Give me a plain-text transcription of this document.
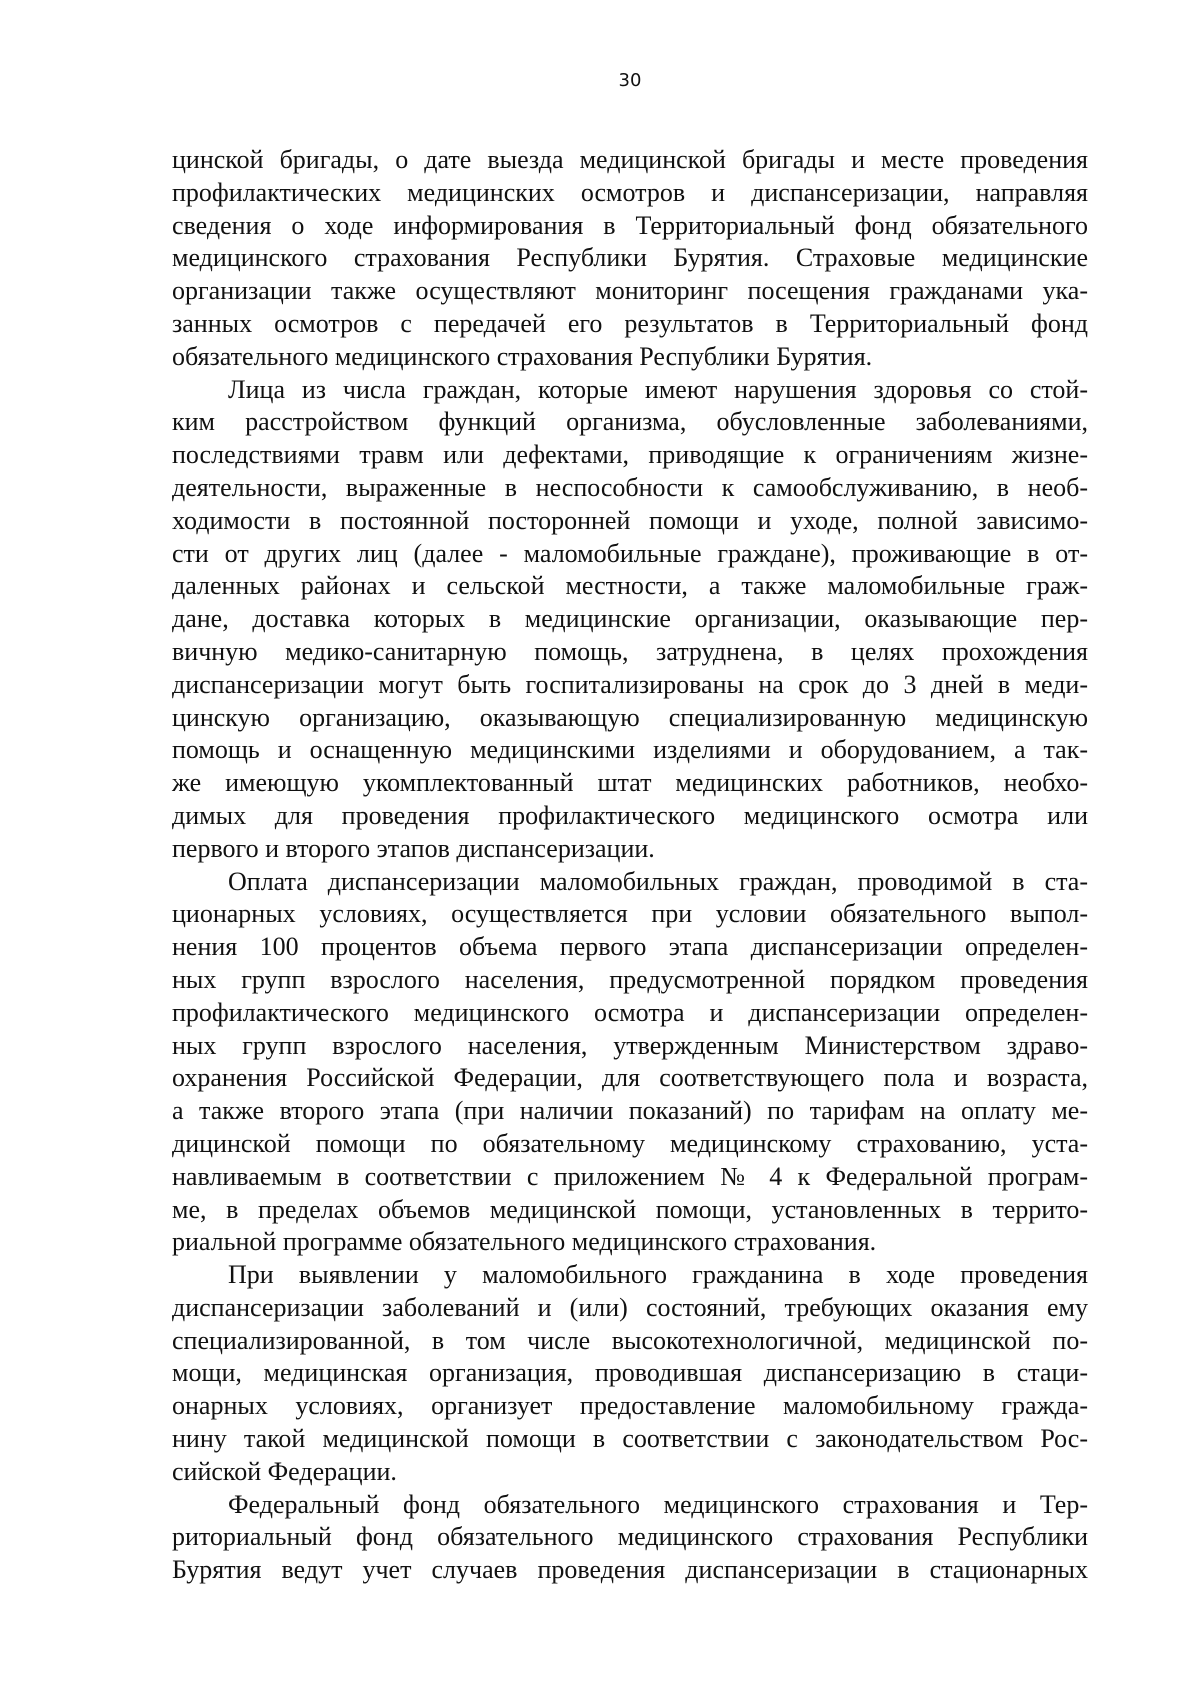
30
цинской бригады, о дате выезда медицинской бригады и месте проведения
профилактических медицинских осмотров и диспансеризации, направляя
сведения о ходе информирования в Территориальный фонд обязательного
медицинского страхования Республики Бурятия. Страховые медицинские
организации также осуществляют мониторинг посещения гражданами ука-
занных осмотров с передачей его результатов в Территориальный фонд
обязательного медицинского страхования Республики Бурятия.
Лица из числа граждан, которые имеют нарушения здоровья со стой-
ким расстройством функций организма, обусловленные заболеваниями,
последствиями травм или дефектами, приводящие к ограничениям жизне-
деятельности, выраженные в неспособности к самообслуживанию, в необ-
ходимости в постоянной посторонней помощи и уходе, полной зависимо-
сти от других лиц (далее - маломобильные граждане), проживающие в от-
даленных районах и сельской местности, а также маломобильные граж-
дане, доставка которых в медицинские организации, оказывающие пер-
вичную медико-санитарную помощь, затруднена, в целях прохождения
диспансеризации могут быть госпитализированы на срок до 3 дней в меди-
цинскую организацию, оказывающую специализированную медицинскую
помощь и оснащенную медицинскими изделиями и оборудованием, а так-
же имеющую укомплектованный штат медицинских работников, необхо-
димых для проведения профилактического медицинского осмотра или
первого и второго этапов диспансеризации.
Оплата диспансеризации маломобильных граждан, проводимой в ста-
ционарных условиях, осуществляется при условии обязательного выпол-
нения 100 процентов объема первого этапа диспансеризации определен-
ных групп взрослого населения, предусмотренной порядком проведения
профилактического медицинского осмотра и диспансеризации определен-
ных групп взрослого населения, утвержденным Министерством здраво-
охранения Российской Федерации, для соответствующего пола и возраста,
а также второго этапа (при наличии показаний) по тарифам на оплату ме-
дицинской помощи по обязательному медицинскому страхованию, уста-
навливаемым в соответствии с приложением № 4 к Федеральной програм-
ме, в пределах объемов медицинской помощи, установленных в террито-
риальной программе обязательного медицинского страхования.
При выявлении у маломобильного гражданина в ходе проведения
диспансеризации заболеваний и (или) состояний, требующих оказания ему
специализированной, в том числе высокотехнологичной, медицинской по-
мощи, медицинская организация, проводившая диспансеризацию в стаци-
онарных условиях, организует предоставление маломобильному гражда-
нину такой медицинской помощи в соответствии с законодательством Рос-
сийской Федерации.
Федеральный фонд обязательного медицинского страхования и Тер-
риториальный фонд обязательного медицинского страхования Республики
Бурятия ведут учет случаев проведения диспансеризации в стационарных
